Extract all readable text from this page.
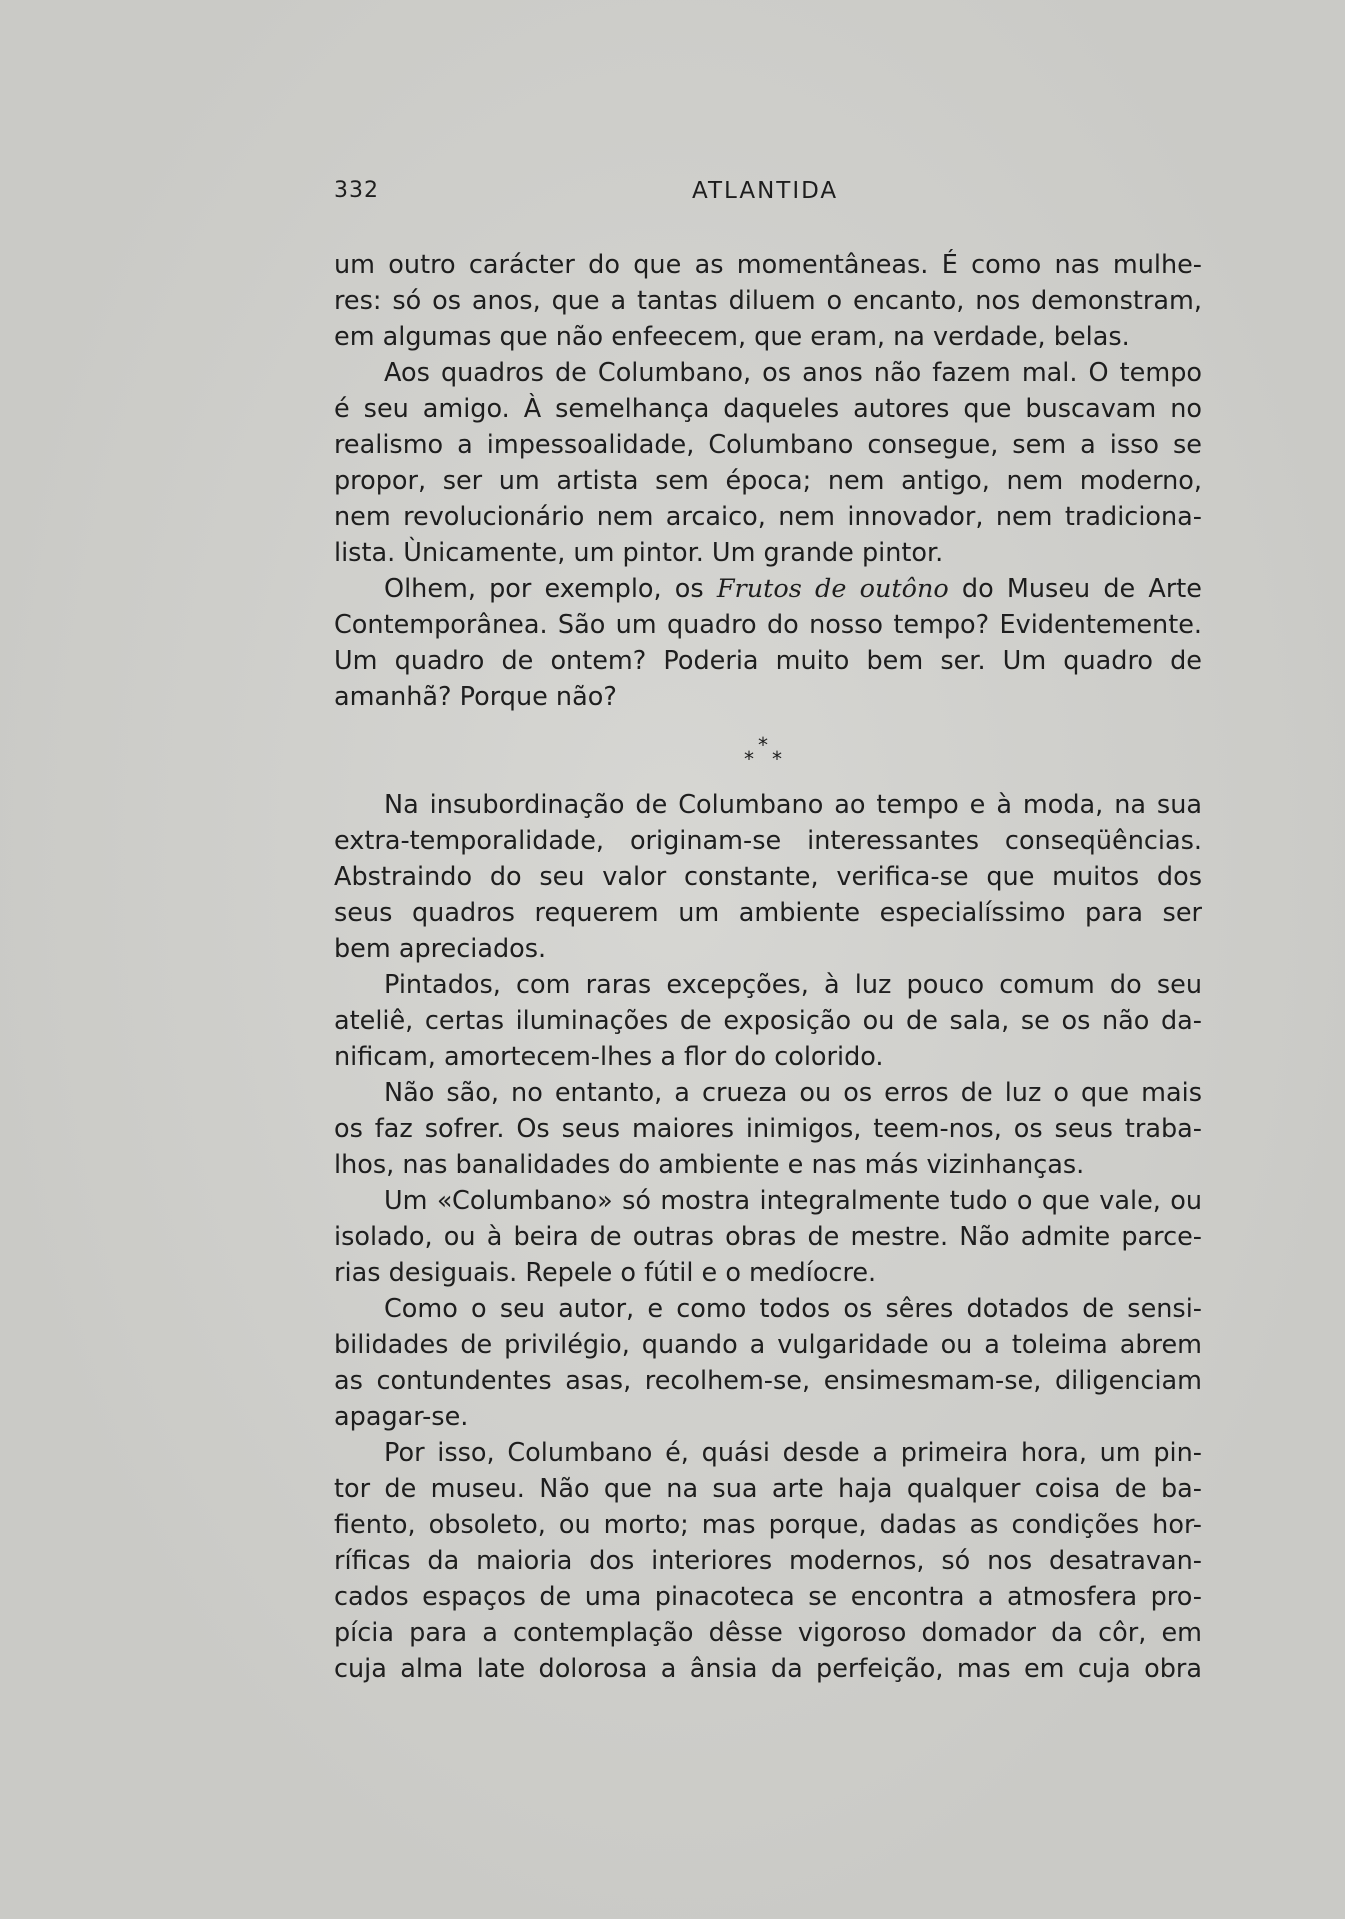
332	ATLANTIDA
um outro carácter do que as momentâneas. É como nas mulhe-
res: só os anos, que a tantas diluem o encanto, nos demonstram,
em algumas que não enfeecem, que eram, na verdade, belas.
Aos quadros de Columbano, os anos não fazem mal. O tempo
é seu amigo. À semelhança daqueles autores que buscavam no
realismo a impessoalidade, Columbano consegue, sem a isso se
propor, ser um artista sem época; nem antigo, nem moderno,
nem revolucionário nem arcaico, nem innovador, nem tradiciona-
lista. Ùnicamente, um pintor. Um grande pintor.
Olhem, por exemplo, os Frutos de outôno do Museu de Arte
Contemporânea. São um quadro do nosso tempo? Evidentemente.
Um quadro de ontem? Poderia muito bem ser. Um quadro de
amanhã? Porque não?
*
* *
Na insubordinação de Columbano ao tempo e à moda, na sua
extra-temporalidade, originam-se interessantes conseqüências.
Abstraindo do seu valor constante, verifica-se que muitos dos
seus quadros requerem um ambiente especialíssimo para ser
bem apreciados.
Pintados, com raras excepções, à luz pouco comum do seu
ateliê, certas iluminações de exposição ou de sala, se os não da-
nificam, amortecem-lhes a flor do colorido.
Não são, no entanto, a crueza ou os erros de luz o que mais
os faz sofrer. Os seus maiores inimigos, teem-nos, os seus traba-
lhos, nas banalidades do ambiente e nas más vizinhanças.
Um «Columbano» só mostra integralmente tudo o que vale, ou
isolado, ou à beira de outras obras de mestre. Não admite parce-
rias desiguais. Repele o fútil e o medíocre.
Como o seu autor, e como todos os sêres dotados de sensi-
bilidades de privilégio, quando a vulgaridade ou a toleima abrem
as contundentes asas, recolhem-se, ensimesmam-se, diligenciam
apagar-se.
Por isso, Columbano é, quási desde a primeira hora, um pin-
tor de museu. Não que na sua arte haja qualquer coisa de ba-
fiento, obsoleto, ou morto; mas porque, dadas as condições hor-
ríficas da maioria dos interiores modernos, só nos desatravan-
cados espaços de uma pinacoteca se encontra a atmosfera pro-
pícia para a contemplação dêsse vigoroso domador da côr, em
cuja alma late dolorosa a ânsia da perfeição, mas em cuja obra
